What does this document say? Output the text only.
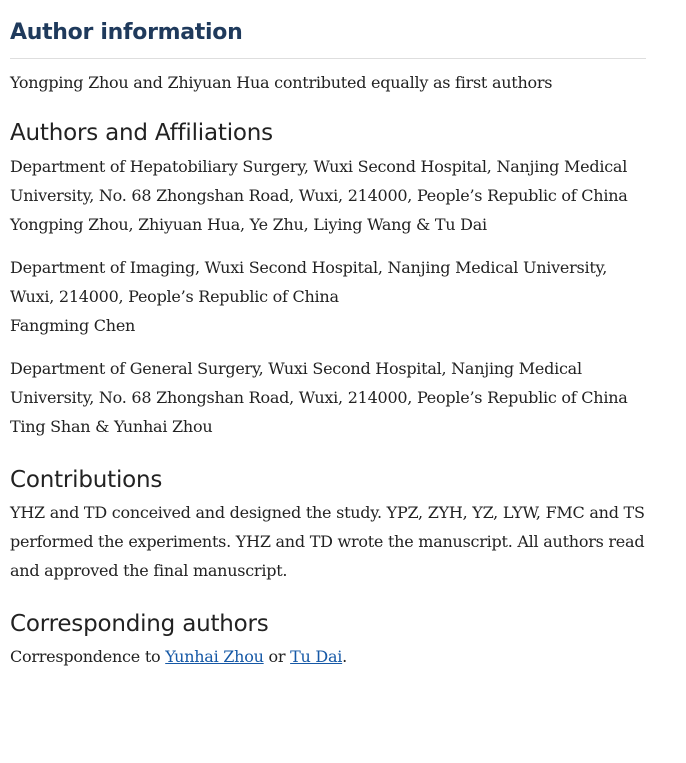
Author information

Yongping Zhou and Zhiyuan Hua contributed equally as first authors

Authors and Affiliations
Department of Hepatobiliary Surgery, Wuxi Second Hospital, Nanjing Medical University, No. 68 Zhongshan Road, Wuxi, 214000, People’s Republic of China
Yongping Zhou, Zhiyuan Hua, Ye Zhu, Liying Wang & Tu Dai
Department of Imaging, Wuxi Second Hospital, Nanjing Medical University, Wuxi, 214000, People’s Republic of China
Fangming Chen
Department of General Surgery, Wuxi Second Hospital, Nanjing Medical University, No. 68 Zhongshan Road, Wuxi, 214000, People’s Republic of China
Ting Shan & Yunhai Zhou
Contributions

YHZ and TD conceived and designed the study. YPZ, ZYH, YZ, LYW, FMC and TS performed the experiments. YHZ and TD wrote the manuscript. All authors read and approved the final manuscript.

Corresponding authors

Correspondence to Yunhai Zhou or Tu Dai.
